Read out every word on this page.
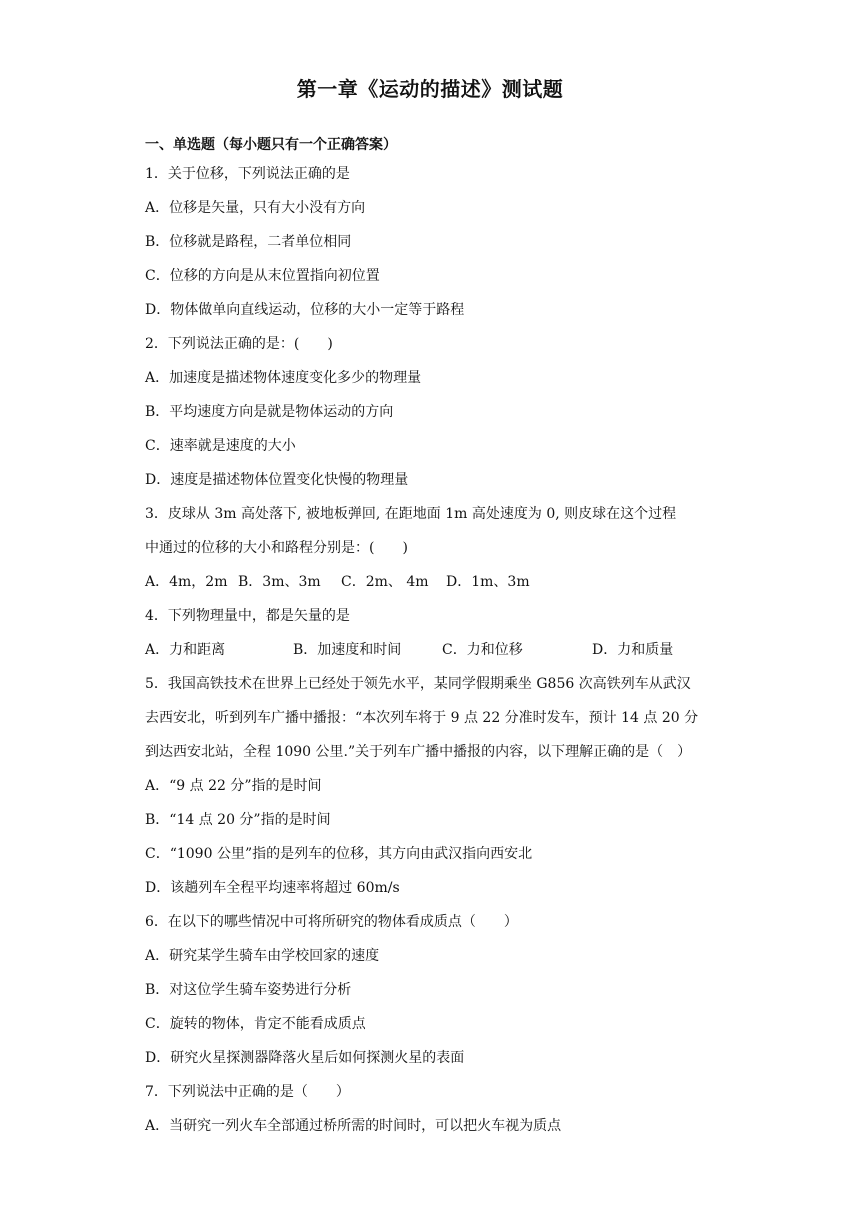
第一章《运动的描述》测试题
一、单选题（每小题只有一个正确答案）
1．关于位移，下列说法正确的是
A．位移是矢量，只有大小没有方向
B．位移就是路程，二者单位相同
C．位移的方向是从末位置指向初位置
D．物体做单向直线运动，位移的大小一定等于路程
2．下列说法正确的是：(　　)
A．加速度是描述物体速度变化多少的物理量
B．平均速度方向是就是物体运动的方向
C．速率就是速度的大小
D．速度是描述物体位置变化快慢的物理量
3．皮球从 3m 高处落下, 被地板弹回, 在距地面 1m 高处速度为 0, 则皮球在这个过程
中通过的位移的大小和路程分别是：(　　)
A．4m，2m B．3m、3m C．2m、 4m D．1m、3m
4．下列物理量中，都是矢量的是
A．力和距离	B．加速度和时间	C．力和位移	D．力和质量
5．我国高铁技术在世界上已经处于领先水平，某同学假期乘坐 G856 次高铁列车从武汉
去西安北，听到列车广播中播报：“本次列车将于 9 点 22 分准时发车，预计 14 点 20 分
到达西安北站，全程 1090 公里.”关于列车广播中播报的内容，以下理解正确的是（　）
A．“9 点 22 分”指的是时间
B．“14 点 20 分”指的是时间
C．“1090 公里”指的是列车的位移，其方向由武汉指向西安北
D．该趟列车全程平均速率将超过 60m/s
6．在以下的哪些情况中可将所研究的物体看成质点（　　）
A．研究某学生骑车由学校回家的速度
B．对这位学生骑车姿势进行分析
C．旋转的物体，肯定不能看成质点
D．研究火星探测器降落火星后如何探测火星的表面
7．下列说法中正确的是（　　）
A．当研究一列火车全部通过桥所需的时间时，可以把火车视为质点
